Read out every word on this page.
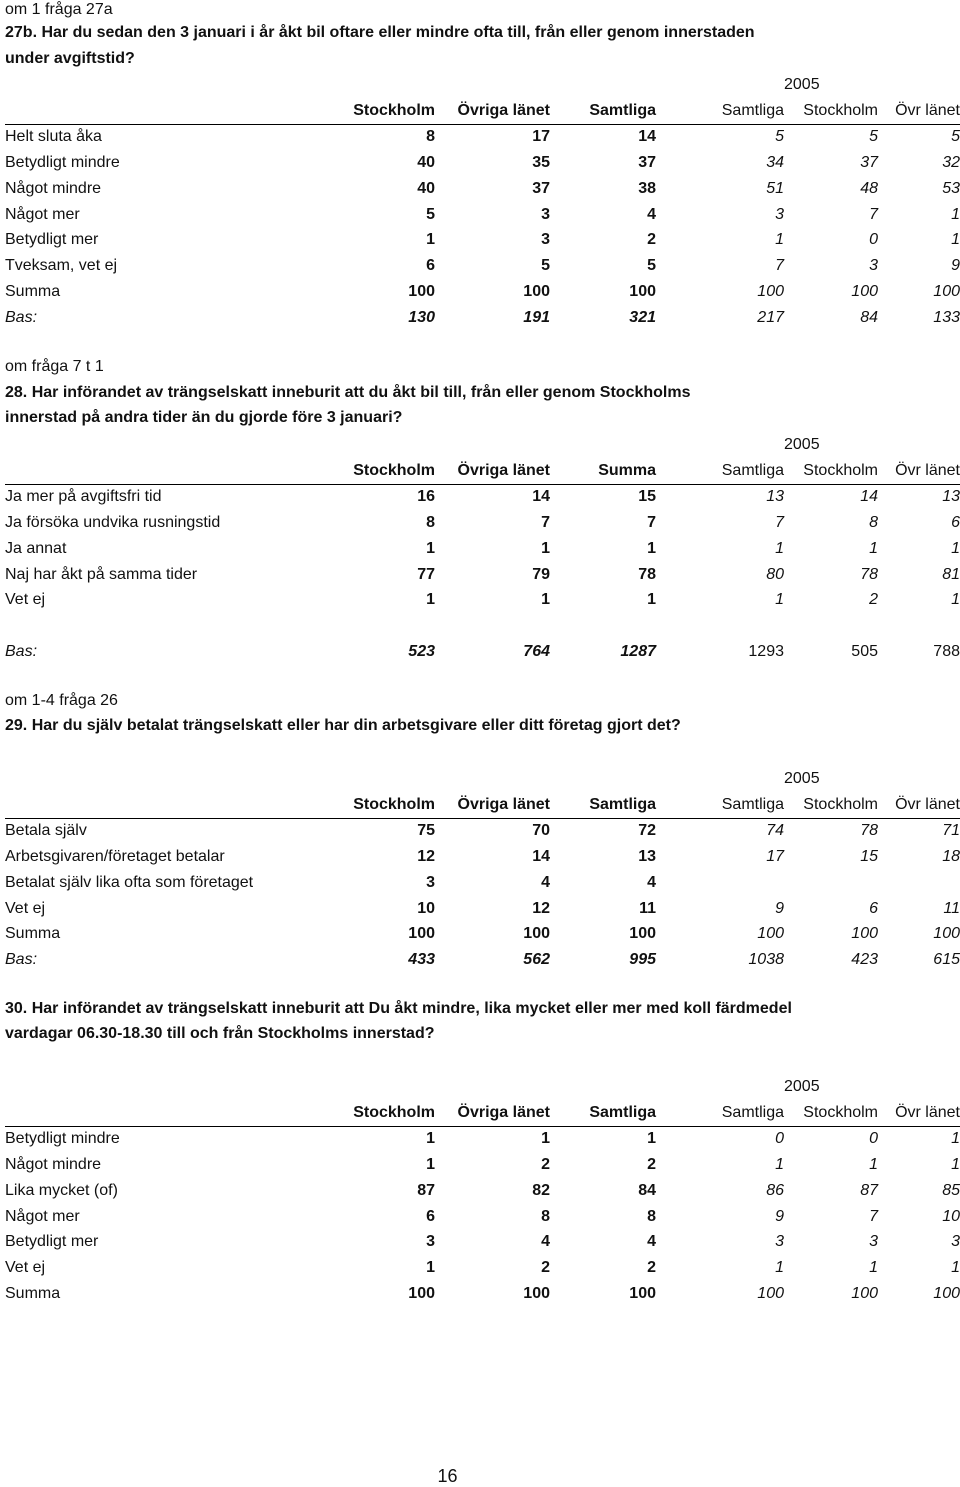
om 1 fråga 27a
27b. Har du sedan den 3 januari i år åkt bil oftare eller mindre ofta till, från eller genom innerstaden
under avgiftstid?
					2005	
	Stockholm	Övriga länet	Samtliga	Samtliga	Stockholm	Övr länet
Helt sluta åka	8	17	14	5	5	5
Betydligt mindre	40	35	37	34	37	32
Något mindre	40	37	38	51	48	53
Något mer	5	3	4	3	7	1
Betydligt mer	1	3	2	1	0	1
Tveksam, vet ej	6	5	5	7	3	9
Summa	100	100	100	100	100	100
Bas:	130	191	321	217	84	133
om fråga 7 t 1
28. Har införandet av trängselskatt inneburit att du åkt bil till, från eller genom Stockholms
innerstad på andra tider än du gjorde före 3 januari?
					2005	
	Stockholm	Övriga länet	Summa	Samtliga	Stockholm	Övr länet
Ja mer på avgiftsfri tid	16	14	15	13	14	13
Ja försöka undvika rusningstid	8	7	7	7	8	6
Ja annat	1	1	1	1	1	1
Naj har åkt på samma tider	77	79	78	80	78	81
Vet ej	1	1	1	1	2	1

Bas:	523	764	1287	1293	505	788
om 1-4 fråga 26
29. Har du själv betalat trängselskatt eller har din arbetsgivare eller ditt företag gjort det?
					2005	
	Stockholm	Övriga länet	Samtliga	Samtliga	Stockholm	Övr länet
Betala själv	75	70	72	74	78	71
Arbetsgivaren/företaget betalar	12	14	13	17	15	18
Betalat själv lika ofta som företaget	3	4	4			
Vet ej	10	12	11	9	6	11
Summa	100	100	100	100	100	100
Bas:	433	562	995	1038	423	615
30. Har införandet av trängselskatt inneburit att Du åkt mindre, lika mycket eller mer med koll färdmedel
vardagar 06.30-18.30 till och från Stockholms innerstad?
					2005	
	Stockholm	Övriga länet	Samtliga	Samtliga	Stockholm	Övr länet
Betydligt mindre	1	1	1	0	0	1
Något mindre	1	2	2	1	1	1
Lika mycket (of)	87	82	84	86	87	85
Något mer	6	8	8	9	7	10
Betydligt mer	3	4	4	3	3	3
Vet ej	1	2	2	1	1	1
Summa	100	100	100	100	100	100
16
